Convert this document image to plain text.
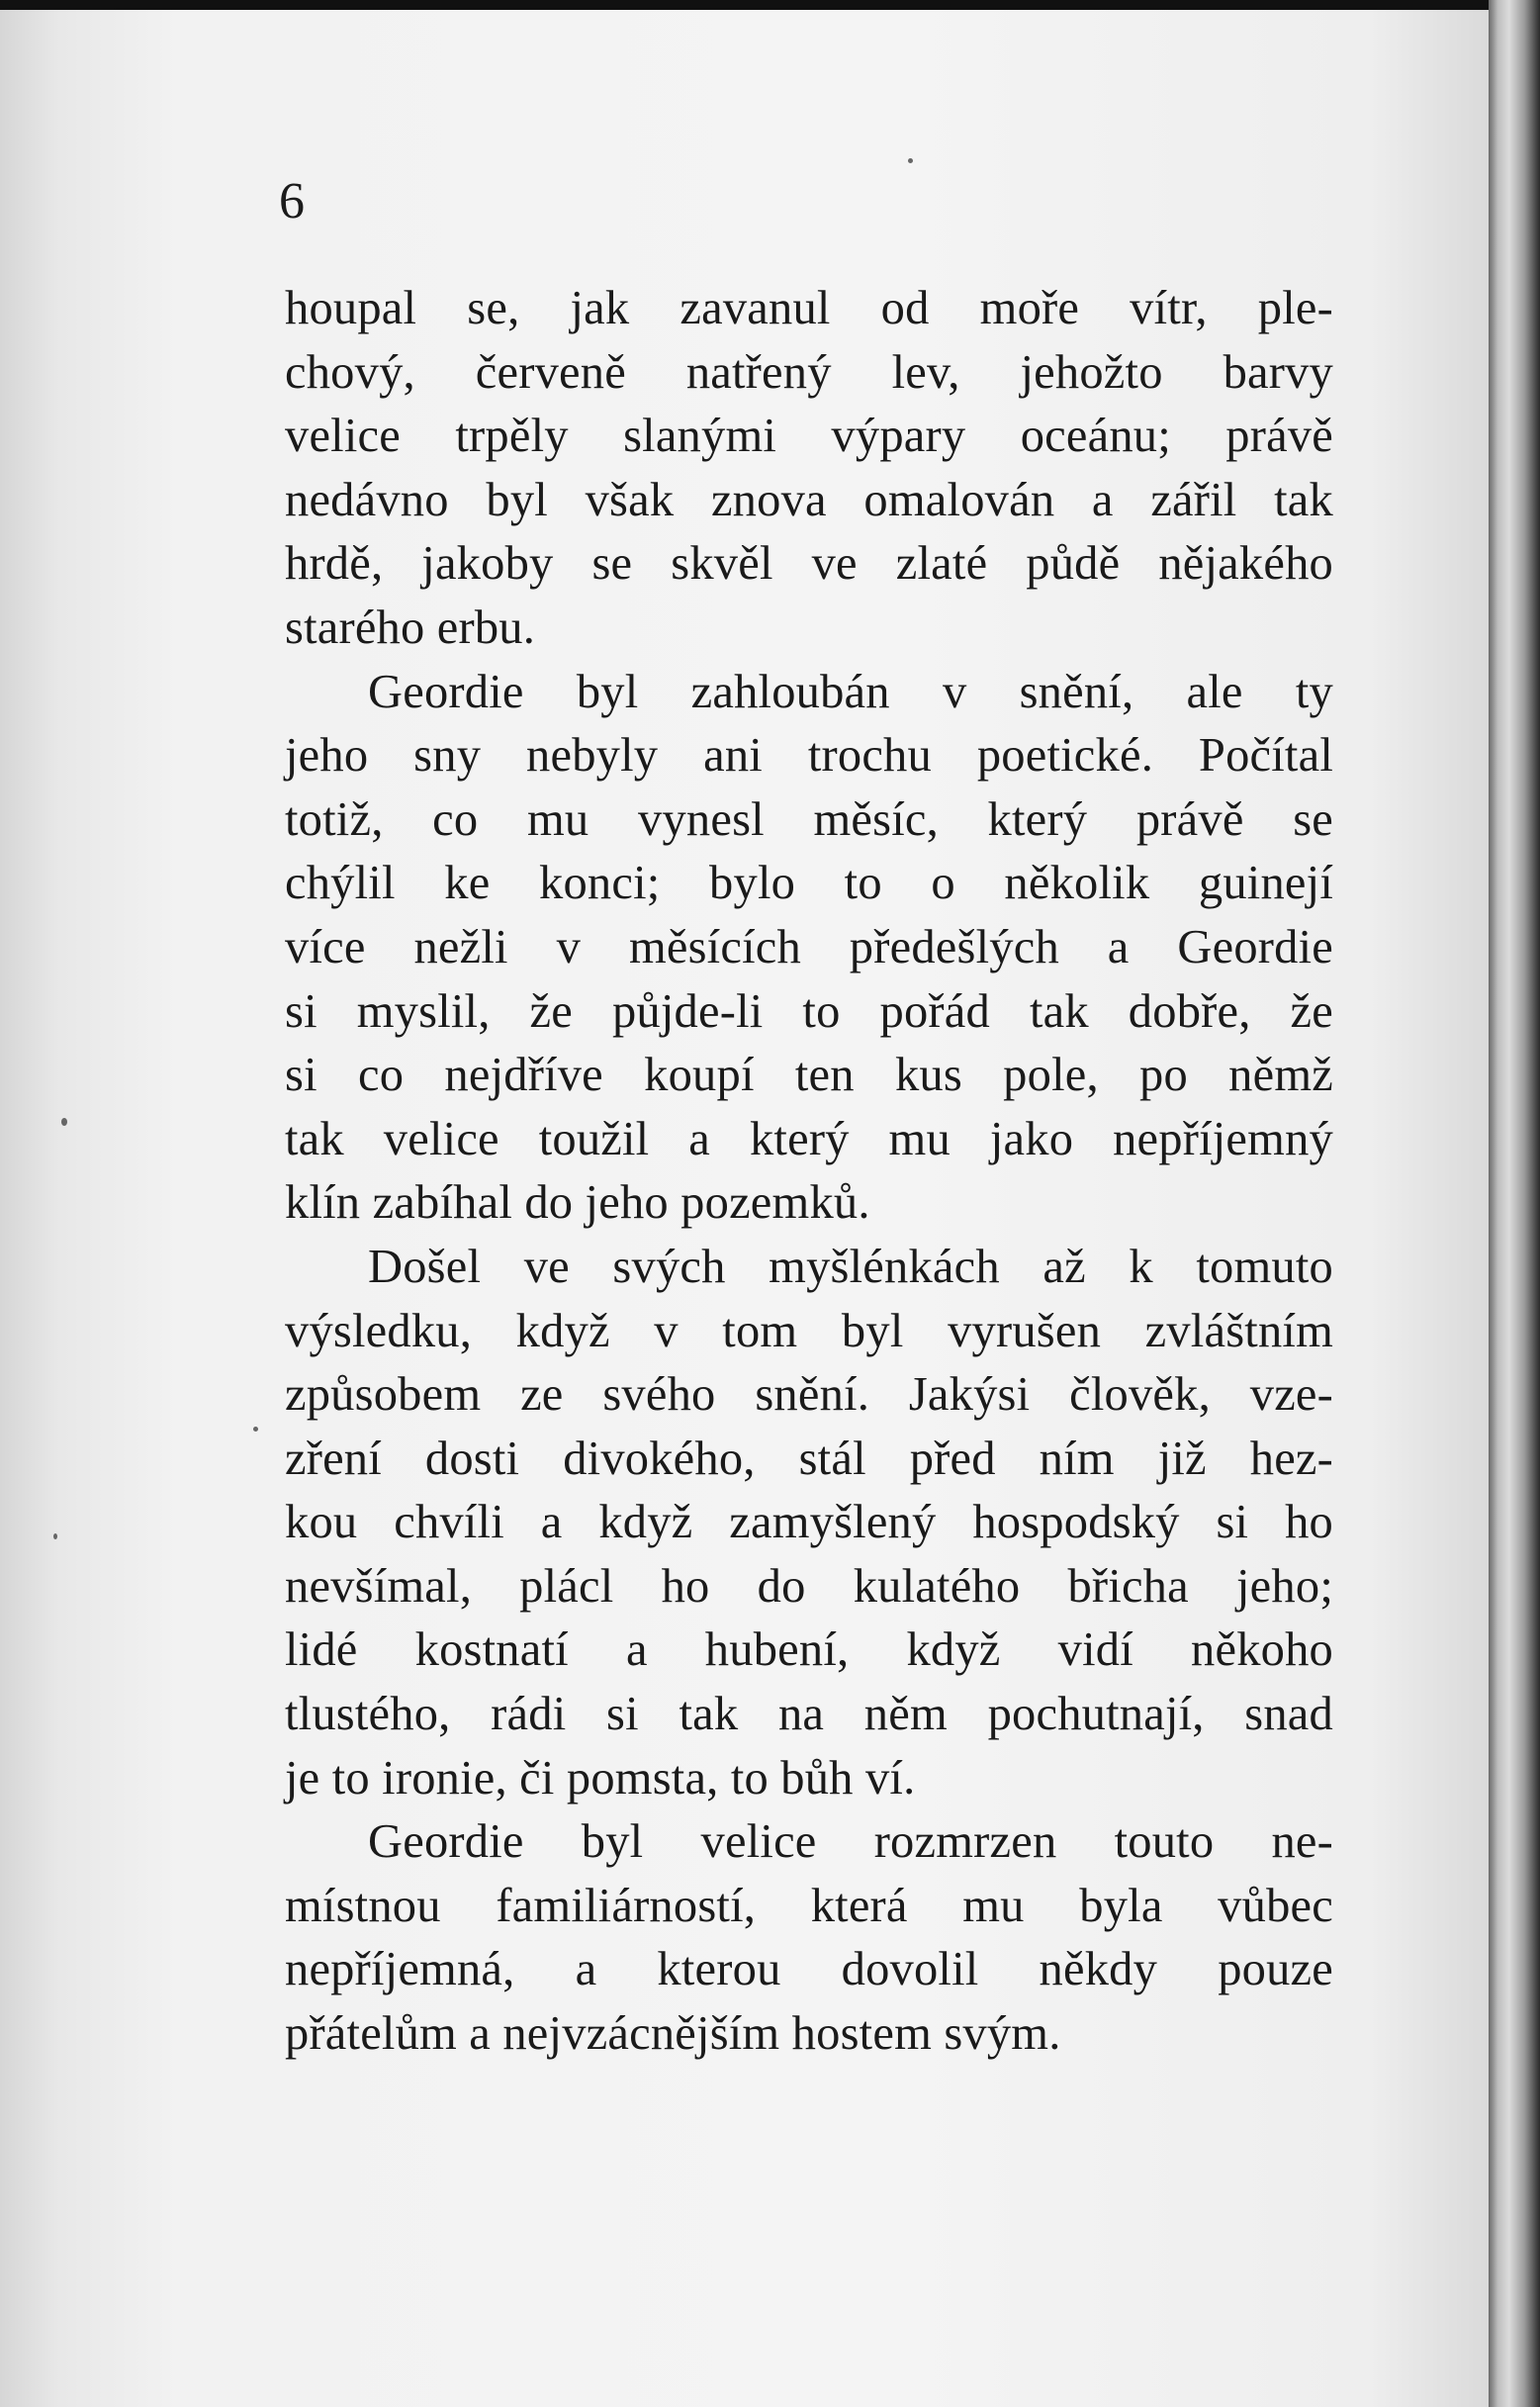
6
houpal se, jak zavanul od moře vítr, ple-
chový, červeně natřený lev, jehožto barvy
velice trpěly slanými výpary oceánu; právě
nedávno byl však znova omalován a zářil tak
hrdě, jakoby se skvěl ve zlaté půdě nějakého
starého erbu.
Geordie byl zahloubán v snění, ale ty
jeho sny nebyly ani trochu poetické. Počítal
totiž, co mu vynesl měsíc, který právě se
chýlil ke konci; bylo to o několik guinejí
více nežli v měsících předešlých a Geordie
si myslil, že půjde-li to pořád tak dobře, že
si co nejdříve koupí ten kus pole, po němž
tak velice toužil a který mu jako nepříjemný
klín zabíhal do jeho pozemků.
Došel ve svých myšlénkách až k tomuto
výsledku, když v tom byl vyrušen zvláštním
způsobem ze svého snění. Jakýsi člověk, vze-
zření dosti divokého, stál před ním již hez-
kou chvíli a když zamyšlený hospodský si ho
nevšímal, plácl ho do kulatého břicha jeho;
lidé kostnatí a hubení, když vidí někoho
tlustého, rádi si tak na něm pochutnají, snad
je to ironie, či pomsta, to bůh ví.
Geordie byl velice rozmrzen touto ne-
místnou familiárností, která mu byla vůbec
nepříjemná, a kterou dovolil někdy pouze
přátelům a nejvzácnějším hostem svým.
